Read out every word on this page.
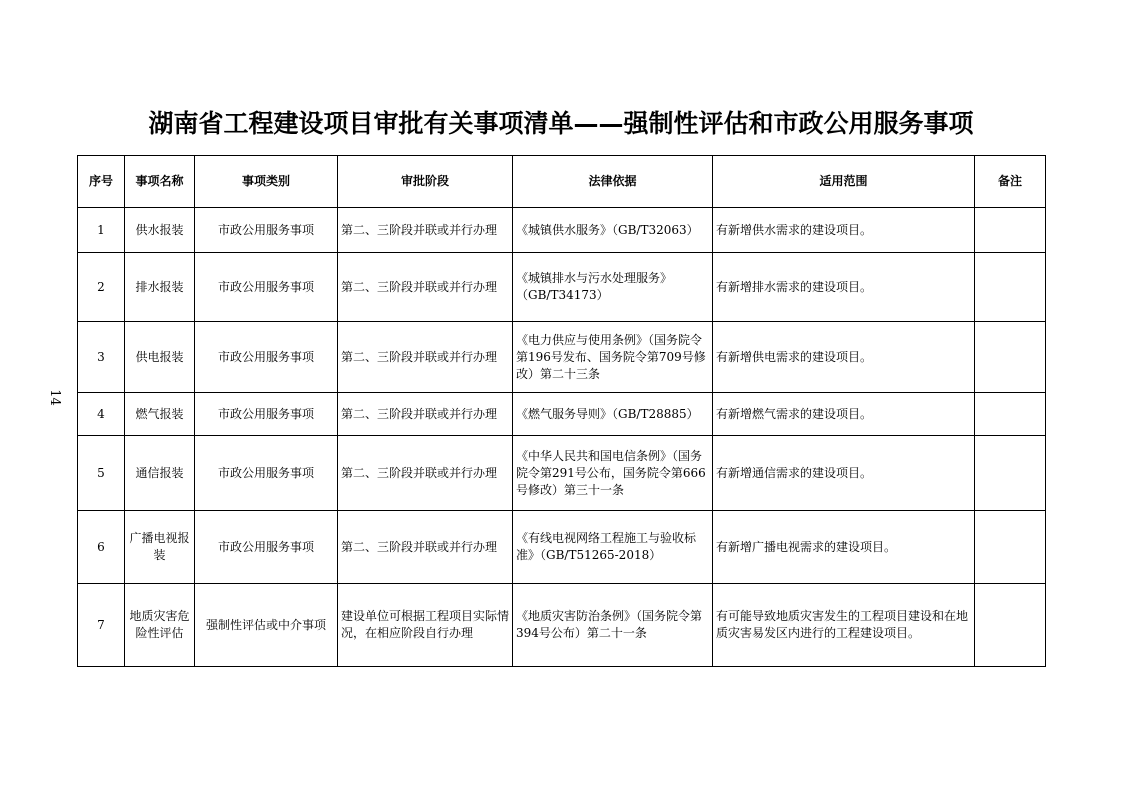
14
湖南省工程建设项目审批有关事项清单——强制性评估和市政公用服务事项
序号	事项名称	事项类别	审批阶段	法律依据	适用范围	备注
1	供水报装	市政公用服务事项	第二、三阶段并联或并行办理	《城镇供水服务》（GB/T32063）	有新增供水需求的建设项目。	
2	排水报装	市政公用服务事项	第二、三阶段并联或并行办理	《城镇排水与污水处理服务》（GB/T34173）	有新增排水需求的建设项目。	
3	供电报装	市政公用服务事项	第二、三阶段并联或并行办理	《电力供应与使用条例》（国务院令第196号发布、国务院令第709号修改）第二十三条	有新增供电需求的建设项目。	
4	燃气报装	市政公用服务事项	第二、三阶段并联或并行办理	《燃气服务导则》（GB/T28885）	有新增燃气需求的建设项目。	
5	通信报装	市政公用服务事项	第二、三阶段并联或并行办理	《中华人民共和国电信条例》（国务院令第291号公布，国务院令第666号修改）第三十一条	有新增通信需求的建设项目。	
6	广播电视报装	市政公用服务事项	第二、三阶段并联或并行办理	《有线电视网络工程施工与验收标准》（GB/T51265-2018）	有新增广播电视需求的建设项目。	
7	地质灾害危险性评估	强制性评估或中介事项	建设单位可根据工程项目实际情况，在相应阶段自行办理	《地质灾害防治条例》（国务院令第394号公布）第二十一条	有可能导致地质灾害发生的工程项目建设和在地质灾害易发区内进行的工程建设项目。	
